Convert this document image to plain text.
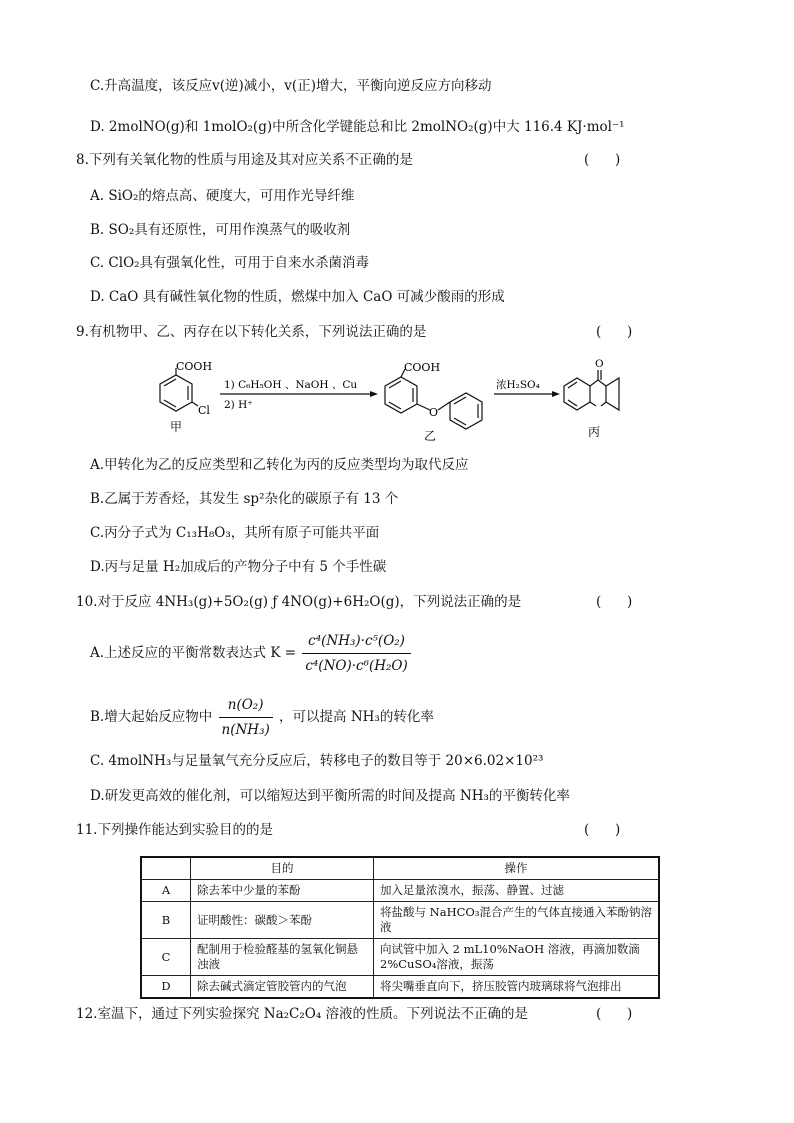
C.升高温度，该反应v(逆)减小，v(正)增大，平衡向逆反应方向移动
D. 2molNO(g)和 1molO₂(g)中所含化学键能总和比 2molNO₂(g)中大 116.4 KJ·mol⁻¹
8.下列有关氧化物的性质与用途及其对应关系不正确的是	(      )
A. SiO₂的熔点高、硬度大，可用作光导纤维
B. SO₂具有还原性，可用作溴蒸气的吸收剂
C. ClO₂具有强氧化性，可用于自来水杀菌消毒
D. CaO 具有碱性氧化物的性质，燃煤中加入 CaO 可减少酸雨的形成
9.有机物甲、乙、丙存在以下转化关系，下列说法正确的是	(      )
COOH
Cl
甲
1) C₆H₅OH 、NaOH 、Cu
2) H⁺
COOH
O
乙
浓H₂SO₄
O
丙
A.甲转化为乙的反应类型和乙转化为丙的反应类型均为取代反应
B.乙属于芳香烃，其发生 sp²杂化的碳原子有 13 个
C.丙分子式为 C₁₃H₈O₃，其所有原子可能共平面
D.丙与足量 H₂加成后的产物分子中有 5 个手性碳
10.对于反应 4NH₃(g)+5O₂(g) ƒ 4NO(g)+6H₂O(g)，下列说法正确的是	(      )
A.上述反应的平衡常数表达式 $K = \frac{\text{c⁴(NH₃)·c⁵(O₂)}}{\text{c⁴(NO)·c⁶(H₂O)}}$
B.增大起始反应物中 $\frac{\text{n(O₂)}}{\text{n(NH₃)}}$ ，可以提高 NH₃的转化率
C. 4molNH₃与足量氧气充分反应后，转移电子的数目等于 20×6.02×10²³
D.研发更高效的催化剂，可以缩短达到平衡所需的时间及提高 NH₃的平衡转化率
11.下列操作能达到实验目的的是	(      )
	目的	操作
A	除去苯中少量的苯酚	加入足量浓溴水，振荡、静置、过滤
B	证明酸性：碳酸＞苯酚	将盐酸与 NaHCO₃混合产生的气体直接通入苯酚钠溶液
C	配制用于检验醛基的氢氧化铜悬浊液	向试管中加入 2 mL10%NaOH 溶液，再滴加数滴 2%CuSO₄溶液，振荡
D	除去碱式滴定管胶管内的气泡	将尖嘴垂直向下，挤压胶管内玻璃球将气泡排出
12.室温下，通过下列实验探究 Na₂C₂O₄ 溶液的性质。下列说法不正确的是	(      )
